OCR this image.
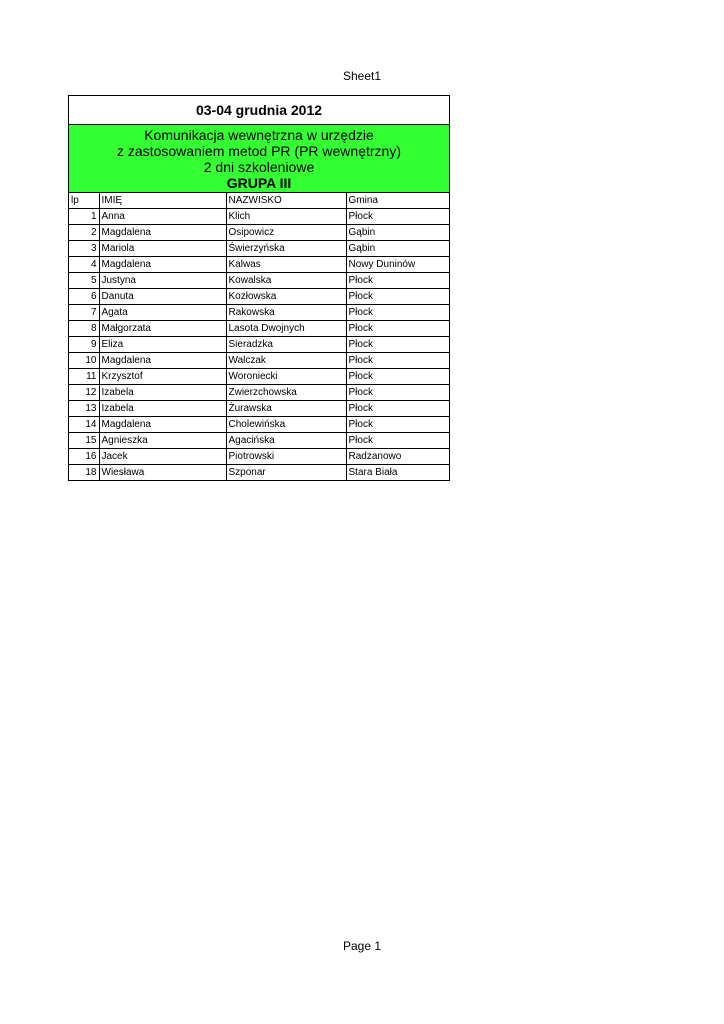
Sheet1
03-04 grudnia 2012
Komunikacja wewnętrzna w urzędzie
z zastosowaniem metod PR (PR wewnętrzny)
2 dni szkoleniowe
GRUPA III
lp	IMIĘ	NAZWISKO	Gmina
1	Anna	Klich	Płock
2	Magdalena	Osipowicz	Gąbin
3	Mariola	Świerzyńska	Gąbin
4	Magdalena	Kalwas	Nowy Duninów
5	Justyna	Kowalska	Płock
6	Danuta	Kozłowska	Płock
7	Agata	Rakowska	Płock
8	Małgorzata	Lasota Dwojnych	Płock
9	Eliza	Sieradzka	Płock
10	Magdalena	Walczak	Płock
11	Krzysztof	Woroniecki	Płock
12	Izabela	Zwierzchowska	Płock
13	Izabela	Żurawska	Płock
14	Magdalena	Cholewińska	Płock
15	Agnieszka	Agacińska	Płock
16	Jacek	Piotrowski	Radzanowo
18	Wiesława	Szponar	Stara Biała
Page 1
